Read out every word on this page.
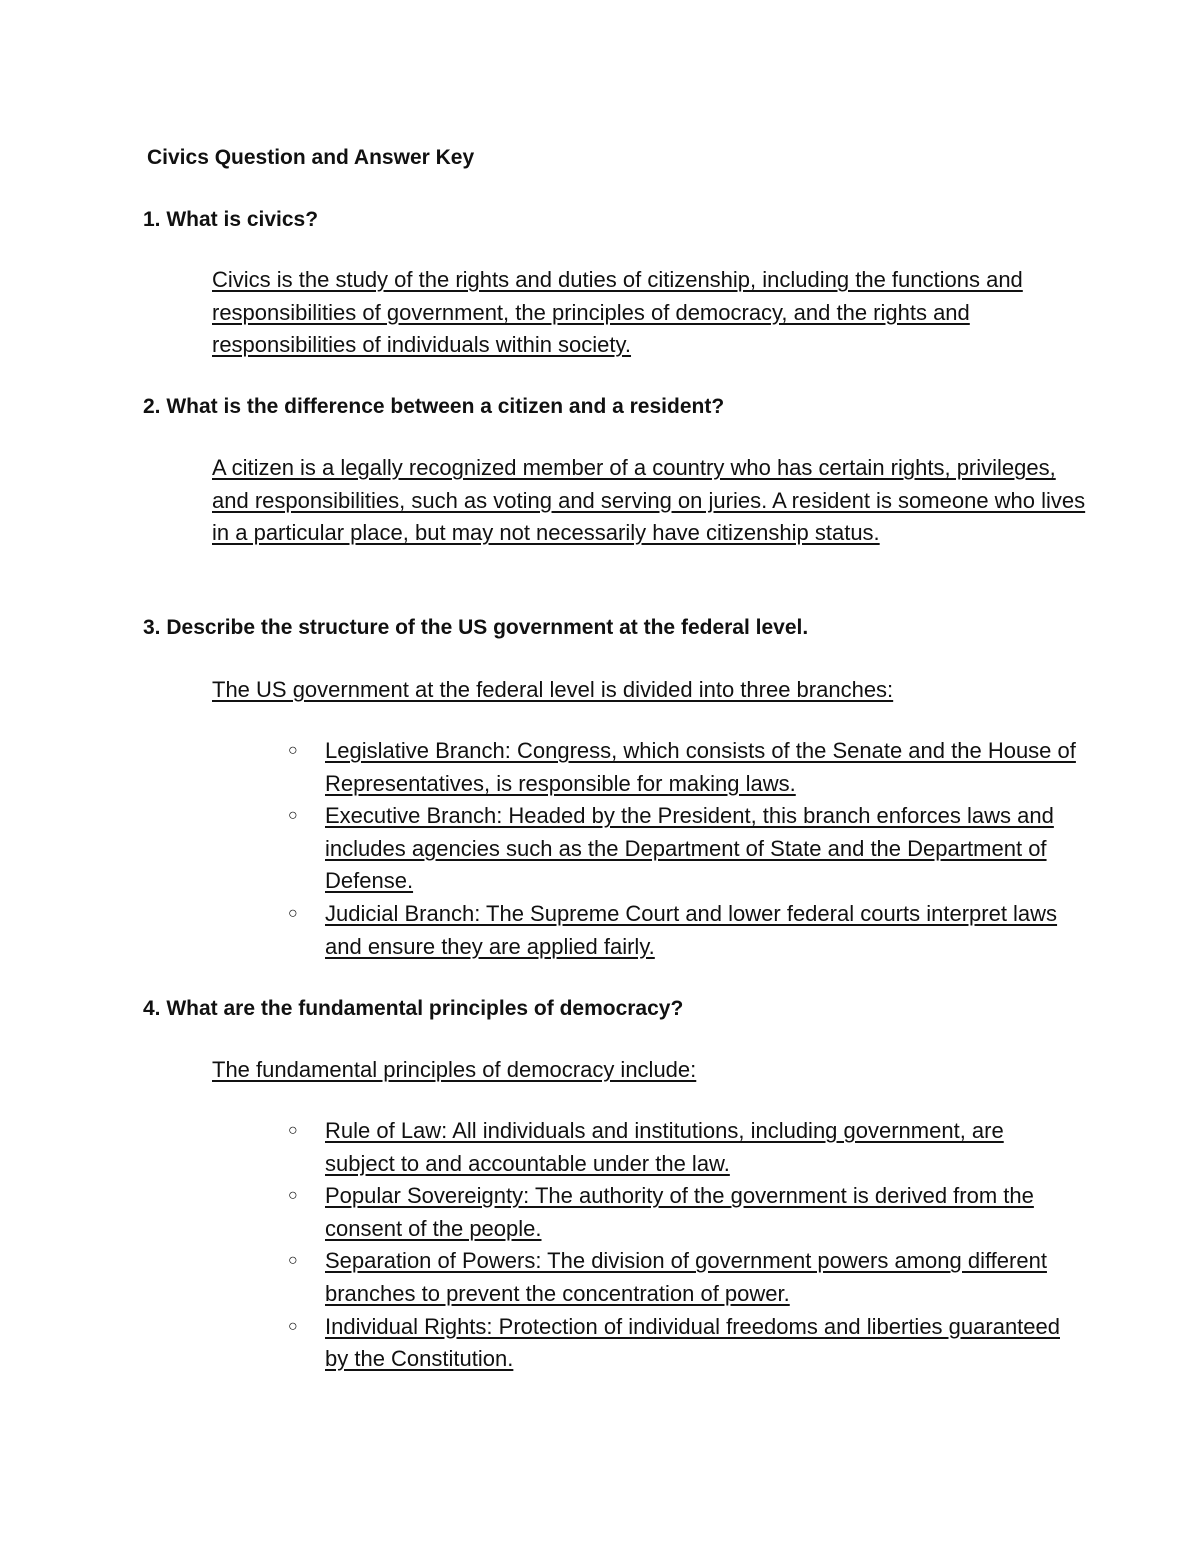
Civics Question and Answer Key

1. What is civics?

Civics is the study of the rights and duties of citizenship, including the functions and responsibilities of government, the principles of democracy, and the rights and responsibilities of individuals within society.

2. What is the difference between a citizen and a resident?

A citizen is a legally recognized member of a country who has certain rights, privileges, and responsibilities, such as voting and serving on juries. A resident is someone who lives in a particular place, but may not necessarily have citizenship status.

3. Describe the structure of the US government at the federal level.

The US government at the federal level is divided into three branches:

○	Legislative Branch: Congress, which consists of the Senate and the House of Representatives, is responsible for making laws.
○	Executive Branch: Headed by the President, this branch enforces laws and includes agencies such as the Department of State and the Department of Defense.
○	Judicial Branch: The Supreme Court and lower federal courts interpret laws and ensure they are applied fairly.

4. What are the fundamental principles of democracy?

The fundamental principles of democracy include:

○	Rule of Law: All individuals and institutions, including government, are subject to and accountable under the law.
○	Popular Sovereignty: The authority of the government is derived from the consent of the people.
○	Separation of Powers: The division of government powers among different branches to prevent the concentration of power.
○	Individual Rights: Protection of individual freedoms and liberties guaranteed by the Constitution.
